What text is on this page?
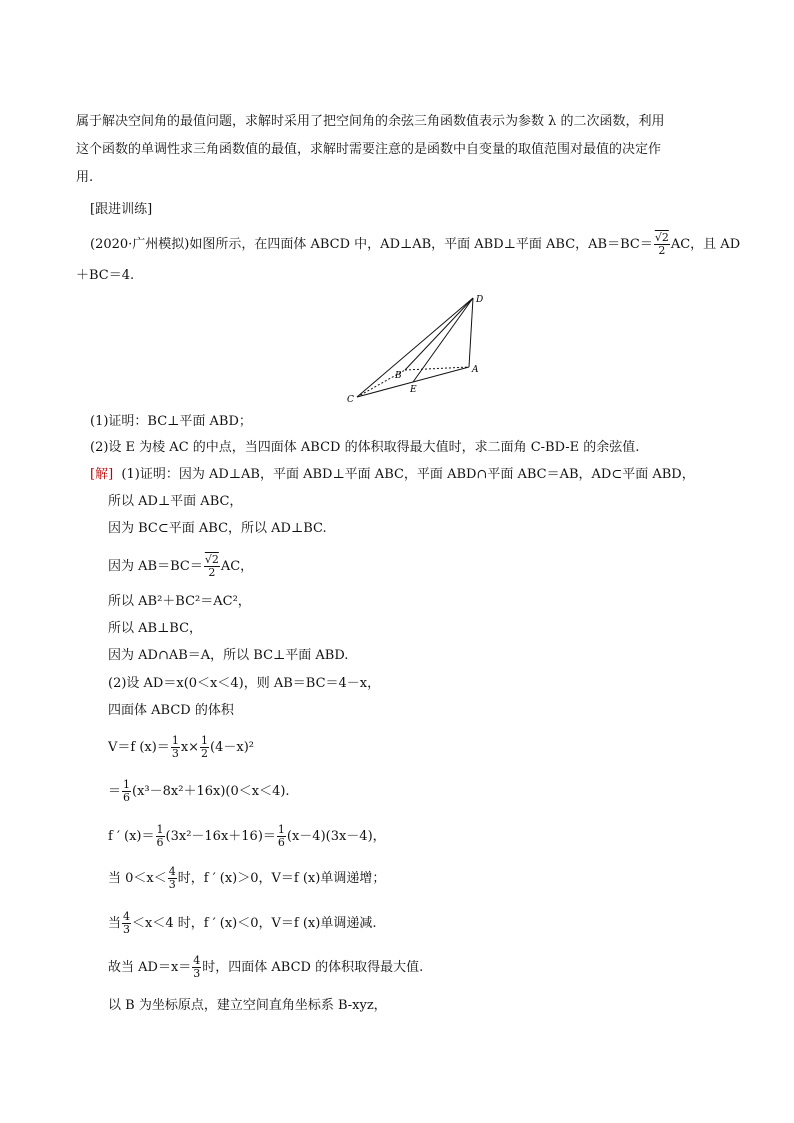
属于解决空间角的最值问题，求解时采用了把空间角的余弦三角函数值表示为参数 λ 的二次函数，利用
这个函数的单调性求三角函数值的最值，求解时需要注意的是函数中自变量的取值范围对最值的决定作
用.
[跟进训练]
(2020·广州模拟)如图所示，在四面体 ABCD 中，AD⊥AB，平面 ABD⊥平面 ABC，$AB=BC= \frac{√2}{2}$ AC，且 AD
＋BC＝4.
D
B
A
E
C
(1)证明：BC⊥平面 ABD；
(2)设 E 为棱 AC 的中点，当四面体 ABCD 的体积取得最大值时，求二面角 C-BD-E 的余弦值.
[解] (1)证明：因为 AD⊥AB，平面 ABD⊥平面 ABC，平面 ABD∩平面 ABC＝AB，AD⊂平面 ABD，
所以 AD⊥平面 ABC，
因为 BC⊂平面 ABC，所以 AD⊥BC.
因为 $AB=BC= \frac{√2}{2}$ AC，
所以 AB²＋BC²＝AC²，
所以 AB⊥BC，
因为 AD∩AB＝A，所以 BC⊥平面 ABD.
(2)设 AD＝x(0＜x＜4)，则 AB＝BC＝4－x，
四面体 ABCD 的体积
V＝f $(x)= \frac{1}{3} x\times \frac{1}{2} (4-x)^2$
＝ $\frac{1}{6} (x^3-8x^2+16x)(0<x<4)$.
f ′ $(x)= \frac{1}{6} (3x^2-16x+16)= \frac{1}{6} (x-4)(3x-4)$，
当 $0<x< \frac{4}{3}$ 时，f ′ (x)＞0，V＝f (x)单调递增；
当 $\frac{4}{3} <x<4$ 时，f ′ (x)＜0，V＝f (x)单调递减.
故当 $AD=x= \frac{4}{3}$ 时，四面体 ABCD 的体积取得最大值.
以 B 为坐标原点，建立空间直角坐标系 B-xyz，
